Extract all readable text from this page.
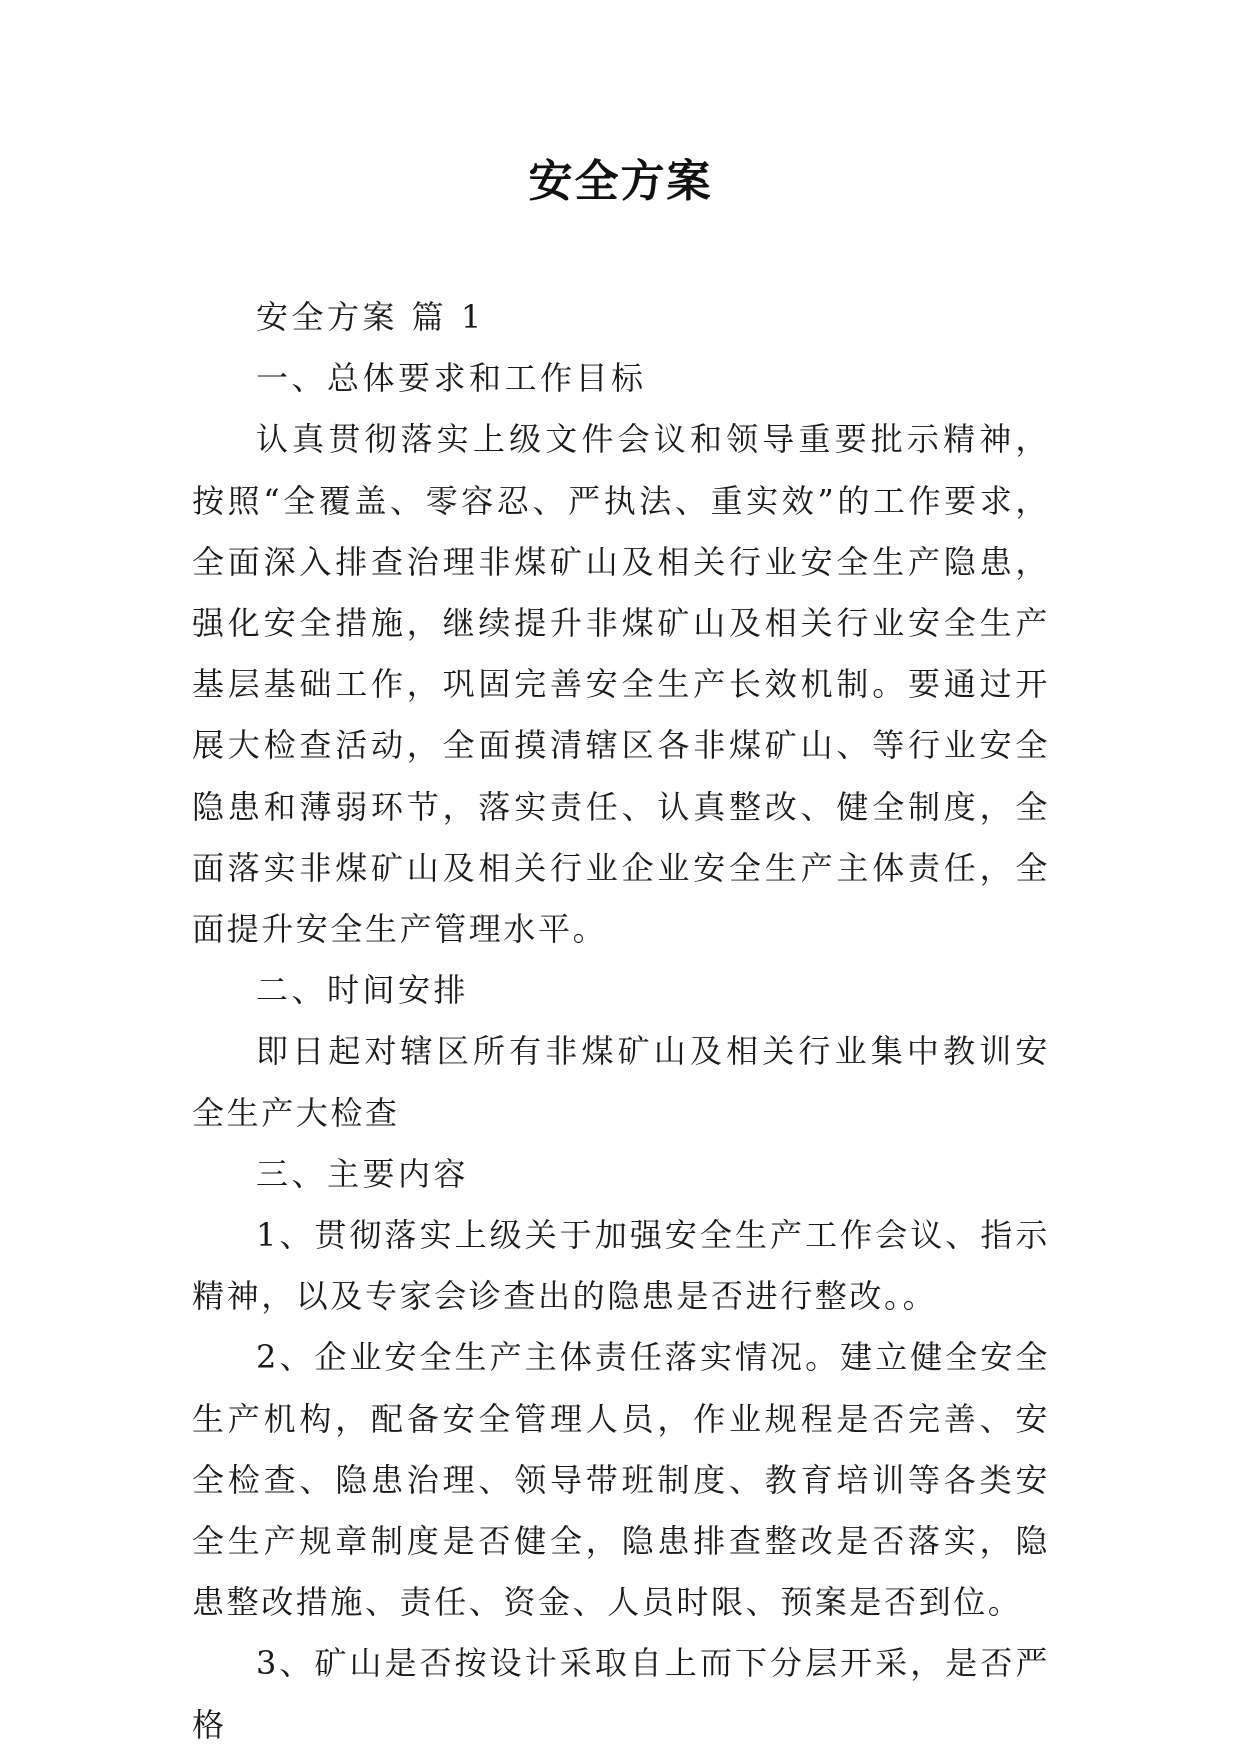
安全方案

安全方案 篇 1

一、总体要求和工作目标

认真贯彻落实上级文件会议和领导重要批示精神，按照“全覆盖、零容忍、严执法、重实效”的工作要求，全面深入排查治理非煤矿山及相关行业安全生产隐患，强化安全措施，继续提升非煤矿山及相关行业安全生产基层基础工作，巩固完善安全生产长效机制。要通过开展大检查活动，全面摸清辖区各非煤矿山、等行业安全隐患和薄弱环节，落实责任、认真整改、健全制度，全面落实非煤矿山及相关行业企业安全生产主体责任，全面提升安全生产管理水平。

二、时间安排

即日起对辖区所有非煤矿山及相关行业集中教训安全生产大检查

三、主要内容

1、贯彻落实上级关于加强安全生产工作会议、指示精神，以及专家会诊查出的隐患是否进行整改。。

2、企业安全生产主体责任落实情况。建立健全安全生产机构，配备安全管理人员，作业规程是否完善、安全检查、隐患治理、领导带班制度、教育培训等各类安全生产规章制度是否健全，隐患排查整改是否落实，隐患整改措施、责任、资金、人员时限、预案是否到位。

3、矿山是否按设计采取自上而下分层开采，是否严格
